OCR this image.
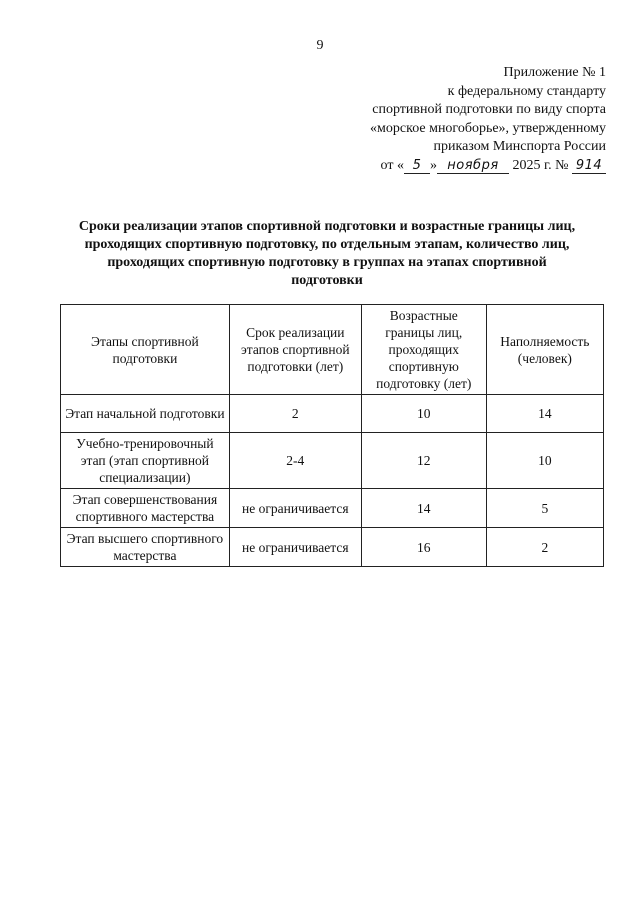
9
Приложение № 1
к федеральному стандарту
спортивной подготовки по виду спорта
«морское многоборье», утвержденному
приказом Минспорта России
от « 5 » ноября 2025 г. № 914
Сроки реализации этапов спортивной подготовки и возрастные границы лиц,
проходящих спортивную подготовку, по отдельным этапам, количество лиц,
проходящих спортивную подготовку в группах на этапах спортивной
подготовки
Этапы спортивной подготовки	Срок реализации этапов спортивной подготовки (лет)	Возрастные границы лиц, проходящих спортивную подготовку (лет)	Наполняемость (человек)
Этап начальной подготовки	2	10	14
Учебно-тренировочный этап (этап спортивной специализации)	2-4	12	10
Этап совершенствования спортивного мастерства	не ограничивается	14	5
Этап высшего спортивного мастерства	не ограничивается	16	2
